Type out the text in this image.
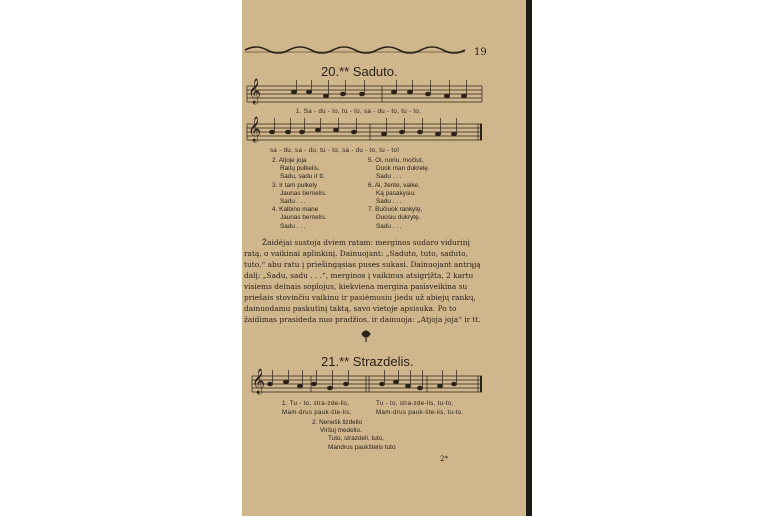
𝄞
𝄞
𝄞
19
20.** Saduto.
1. Sa - du - to, tu - to, sa - du - to, tu - to,
sa - du, sa - du, tu - to, sa - du - to, tu - to!
2. Atjoje joja
Raitų pulkelis.
Sadu, sadu ir tt.
3. Ir tam pulkely
Jaunas bernelis.
Sadu . . .
4. Kalbino mane
Jaunas bernelis.
Sadu . . .
5. Oi, noriu, močiut,
Duok man dukrelę.
Sadu . . .
6. Ai, žente, vaike,
Ką pasakysiu.
Sadu . . .
7. Bučiuok rankytę,
Duosiu dukrytę.
Sadu . . .
Žaidėjai sustoja dviem ratam: merginos sudaro vidurinį
ratą, o vaikinai aplinkinį. Dainuojant: „Saduto, tuto, saduto,
tuto,“ abu ratu į priešingąsias puses sukasi. Dainuojant antrąją
dalį: „Sadu, sadu . . .“, merginos į vaikinus atsigrįžta, 2 kartu
visiems delnais soplojus, kiekviena mergina pasisveikina su
priešais stovinčiu vaikinu ir pasiėmusiu jiedu už abiejų rankų,
dainuodamu paskutinį taktą, savo vietoje apsisuka. Po to
žaidimas prasideda nuo pradžios, ir dainuoja: „Atjoja joja“ ir tt.
21.** Strazdelis.
1. Tu - to, stra-zde-lis,
Mam-drus pauk-šte-lis,
Tu - to, stra-zde-lis, tu-to,
Mam-drus pauk-šte-lis, tu-to.
2. Nenešk lizdelio
Viršuj medelio.
Tuto, strazdeli, tuto,
Mandrus paukštelis tuto
2*
